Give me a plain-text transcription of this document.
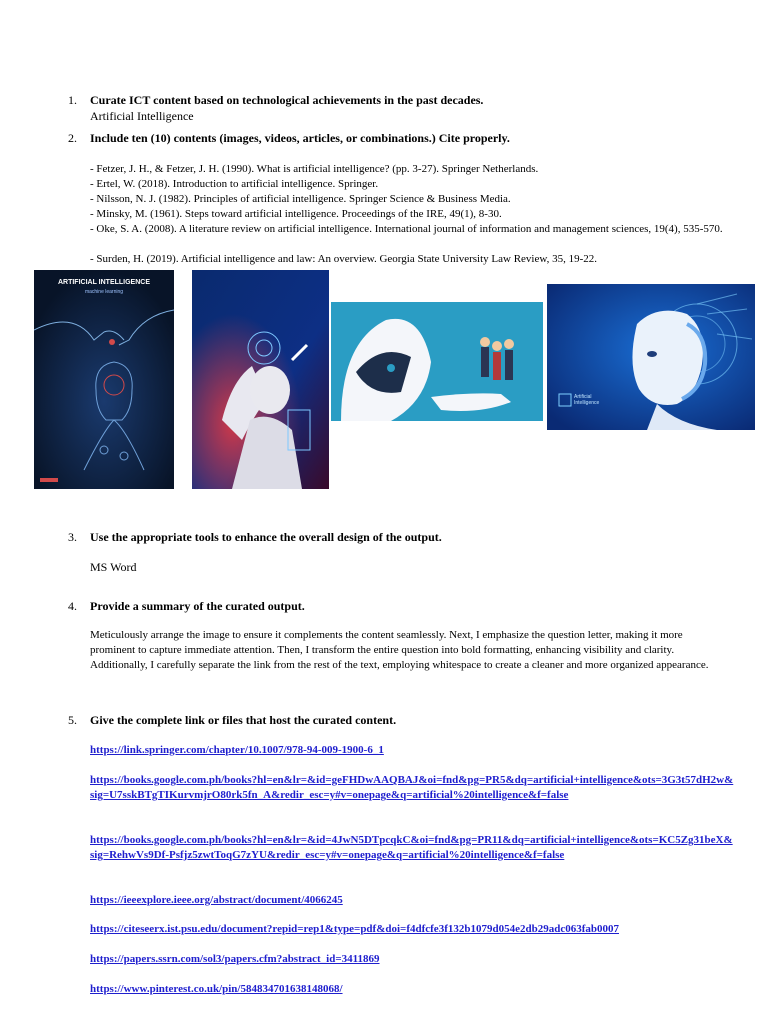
1. Curate ICT content based on technological achievements in the past decades.
Artificial Intelligence
2. Include ten (10) contents (images, videos, articles, or combinations.) Cite properly.
- Fetzer, J. H., & Fetzer, J. H. (1990). What is artificial intelligence? (pp. 3-27). Springer Netherlands.
- Ertel, W. (2018). Introduction to artificial intelligence. Springer.
- Nilsson, N. J. (1982). Principles of artificial intelligence. Springer Science & Business Media.
- Minsky, M. (1961). Steps toward artificial intelligence. Proceedings of the IRE, 49(1), 8-30.
- Oke, S. A. (2008). A literature review on artificial intelligence. International journal of information and management sciences, 19(4), 535-570.
- Surden, H. (2019). Artificial intelligence and law: An overview. Georgia State University Law Review, 35, 19-22.
ARTIFICIAL INTELLIGENCE
machine learning
Artificial
Intelligence
3. Use the appropriate tools to enhance the overall design of the output.
MS Word
4. Provide a summary of the curated output.
Meticulously arrange the image to ensure it complements the content seamlessly. Next, I emphasize the question letter, making it more prominent to capture immediate attention. Then, I transform the entire question into bold formatting, enhancing visibility and clarity. Additionally, I carefully separate the link from the rest of the text, employing whitespace to create a cleaner and more organized appearance.
5. Give the complete link or files that host the curated content.
https://link.springer.com/chapter/10.1007/978-94-009-1900-6_1
https://books.google.com.ph/books?hl=en&lr=&id=geFHDwAAQBAJ&oi=fnd&pg=PR5&dq=artificial+intelligence&ots=3G3t57dH2w&sig=U7sskBTgTIKurvmjrO80rk5fn_A&redir_esc=y#v=onepage&q=artificial%20intelligence&f=false
https://books.google.com.ph/books?hl=en&lr=&id=4JwN5DTpcqkC&oi=fnd&pg=PR11&dq=artificial+intelligence&ots=KC5Zg31beX&sig=RehwVs9Df-Psfjz5zwtToqG7zYU&redir_esc=y#v=onepage&q=artificial%20intelligence&f=false
https://ieeexplore.ieee.org/abstract/document/4066245
https://citeseerx.ist.psu.edu/document?repid=rep1&type=pdf&doi=f4dfcfe3f132b1079d054e2db29adc063fab0007
https://papers.ssrn.com/sol3/papers.cfm?abstract_id=3411869
https://www.pinterest.co.uk/pin/584834701638148068/
